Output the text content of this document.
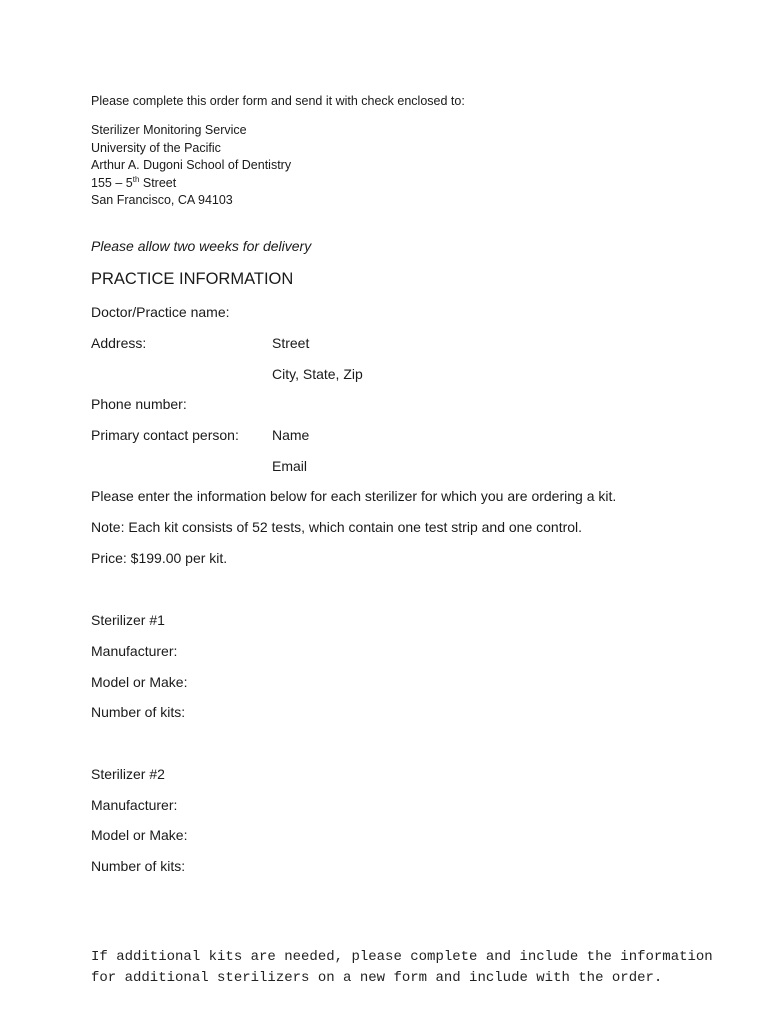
Please complete this order form and send it with check enclosed to:
Sterilizer Monitoring Service
University of the Pacific
Arthur A. Dugoni School of Dentistry
155 – 5th Street
San Francisco, CA 94103
Please allow two weeks for delivery
PRACTICE INFORMATION
Doctor/Practice name:
Address:	Street
City, State, Zip
Phone number:
Primary contact person: Name
Email
Please enter the information below for each sterilizer for which you are ordering a kit.
Note: Each kit consists of 52 tests, which contain one test strip and one control.
Price: $199.00 per kit.
Sterilizer #1
Manufacturer:
Model or Make:
Number of kits:
Sterilizer #2
Manufacturer:
Model or Make:
Number of kits:
If additional kits are needed, please complete and include the information
for additional sterilizers on a new form and include with the order.
